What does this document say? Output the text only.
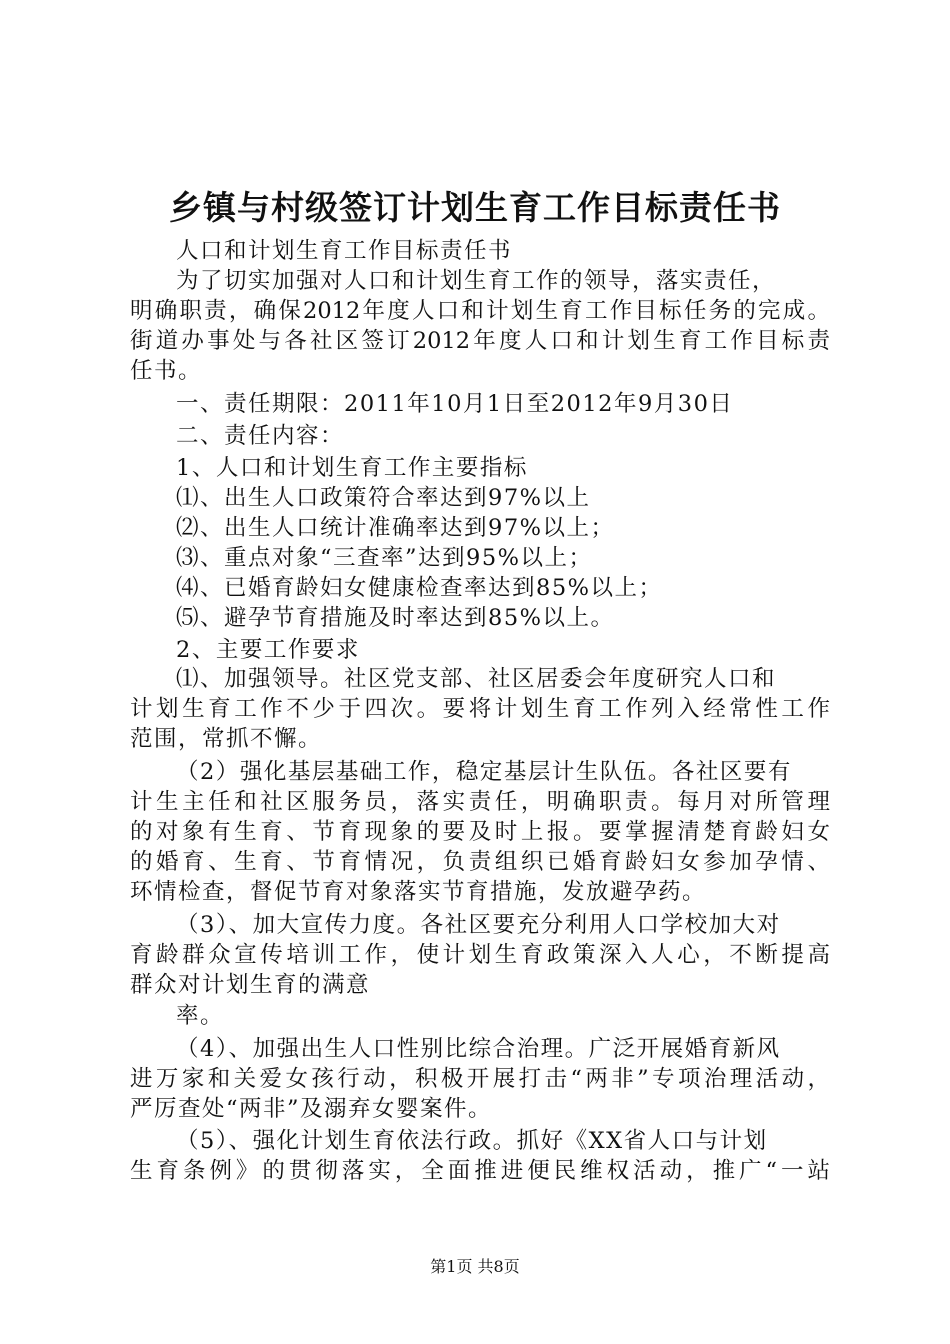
乡镇与村级签订计划生育工作目标责任书
人口和计划生育工作目标责任书
为了切实加强对人口和计划生育工作的领导，落实责任，
明确职责，确保2012年度人口和计划生育工作目标任务的完成。
街道办事处与各社区签订2012年度人口和计划生育工作目标责
任书。
一、责任期限：2011年10月1日至2012年9月30日
二、责任内容：
1、人口和计划生育工作主要指标
⑴、出生人口政策符合率达到97%以上
⑵、出生人口统计准确率达到97%以上；
⑶、重点对象“三查率”达到95%以上；
⑷、已婚育龄妇女健康检查率达到85%以上；
⑸、避孕节育措施及时率达到85%以上。
2、主要工作要求
⑴、加强领导。社区党支部、社区居委会年度研究人口和
计划生育工作不少于四次。要将计划生育工作列入经常性工作
范围，常抓不懈。
（2）强化基层基础工作，稳定基层计生队伍。各社区要有
计生主任和社区服务员，落实责任，明确职责。每月对所管理
的对象有生育、节育现象的要及时上报。要掌握清楚育龄妇女
的婚育、生育、节育情况，负责组织已婚育龄妇女参加孕情、
环情检查，督促节育对象落实节育措施，发放避孕药。
（3）、加大宣传力度。各社区要充分利用人口学校加大对
育龄群众宣传培训工作，使计划生育政策深入人心，不断提高
群众对计划生育的满意
率。
（4）、加强出生人口性别比综合治理。广泛开展婚育新风
进万家和关爱女孩行动，积极开展打击“两非”专项治理活动，
严厉查处“两非”及溺弃女婴案件。
（5）、强化计划生育依法行政。抓好《XX省人口与计划
生育条例》的贯彻落实，全面推进便民维权活动，推广“一站
第1页 共8页
